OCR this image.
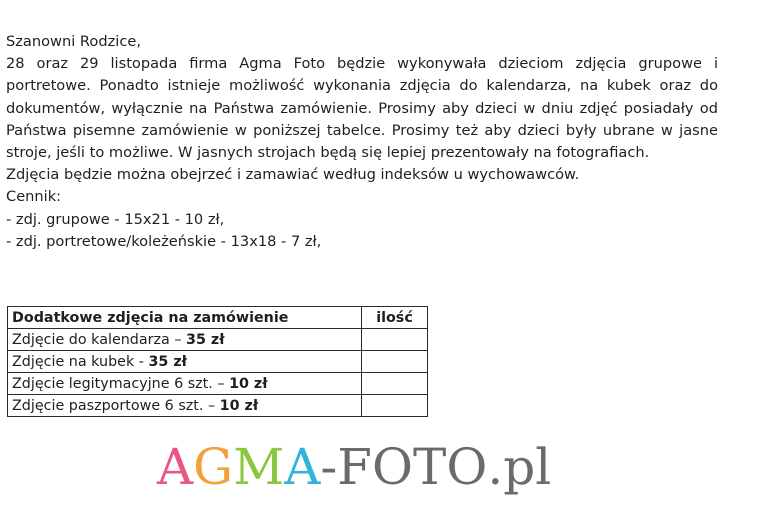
Szanowni Rodzice,

28 oraz 29 listopada firma Agma Foto będzie wykonywała dzieciom zdjęcia grupowe i portretowe. Ponadto istnieje możliwość wykonania zdjęcia do kalendarza, na kubek oraz do dokumentów, wyłącznie na Państwa zamówienie. Prosimy aby dzieci w dniu zdjęć posiadały od Państwa pisemne zamówienie w poniższej tabelce. Prosimy też aby dzieci były ubrane w jasne stroje, jeśli to możliwe. W jasnych strojach będą się lepiej prezentowały na fotografiach.

Zdjęcia będzie można obejrzeć i zamawiać według indeksów u wychowawców.

Cennik:

- zdj. grupowe - 15x21 - 10 zł,

- zdj. portretowe/koleżeńskie - 13x18 - 7 zł,

Dodatkowe zdjęcia na zamówienie	ilość
Zdjęcie do kalendarza – 35 zł	
Zdjęcie na kubek - 35 zł	
Zdjęcie legitymacyjne 6 szt. – 10 zł	
Zdjęcie paszportowe 6 szt. – 10 zł	
AGMA-FOTO.pl
